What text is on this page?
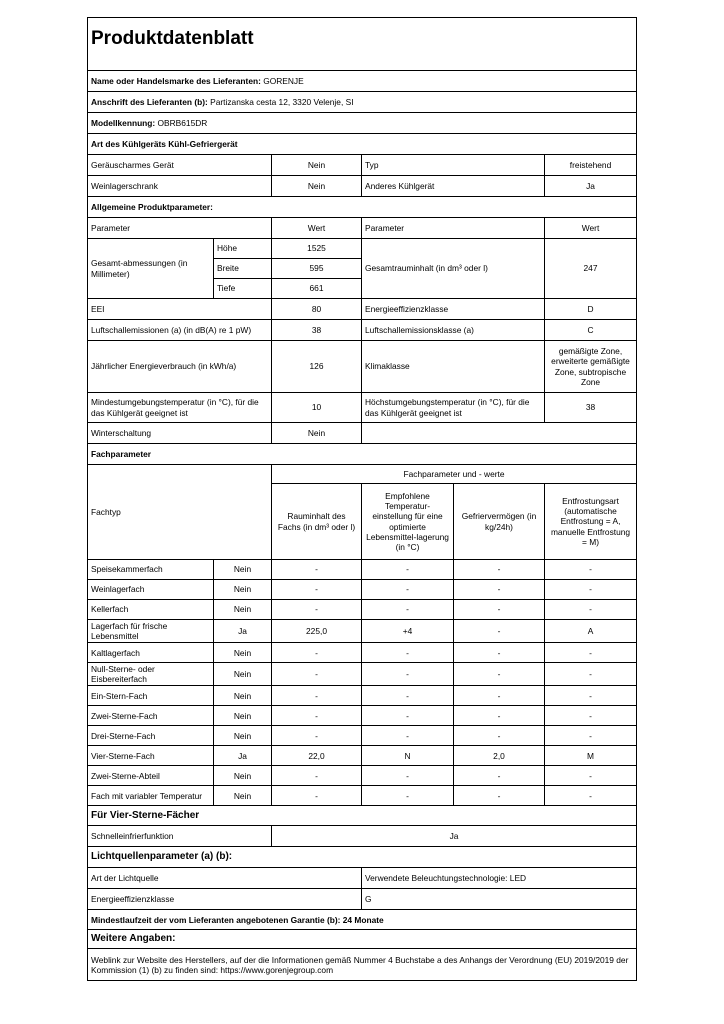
Produktdatenblatt					
Name oder Handelsmarke des Lieferanten: GORENJE					
Anschrift des Lieferanten (b): Partizanska cesta 12, 3320 Velenje, SI					
Modellkennung: OBRB615DR					
Art des Kühlgeräts Kühl-Gefriergerät					
Geräuscharmes Gerät		Nein	Typ		freistehend
Weinlagerschrank		Nein	Anderes Kühlgerät		Ja
Allgemeine Produktparameter:					
Parameter		Wert	Parameter		Wert
Gesamt-abmessungen (in Millimeter)	Höhe	1525	Gesamtrauminhalt (in dm³ oder l)		247
	Breite	595			
	Tiefe	661			
EEI		80	Energieeffizienzklasse		D
Luftschallemissionen (a) (in dB(A) re 1 pW)		38	Luftschallemissionsklasse (a)		C
Jährlicher Energieverbrauch (in kWh/a)		126	Klimaklasse		gemäßigte Zone, erweiterte gemäßigte Zone, subtropische Zone
Mindestumgebungstemperatur (in °C), für die das Kühlgerät geeignet ist		10	Höchstumgebungstemperatur (in °C), für die das Kühlgerät geeignet ist		38
Winterschaltung		Nein			
Fachparameter					
Fachtyp		Fachparameter und - werte			
		Rauminhalt des Fachs (in dm³ oder l)	Empfohlene Temperatur-einstellung für eine optimierte Lebensmittel-lagerung (in °C)	Gefriervermögen (in kg/24h)	Entfrostungsart (automatische Entfrostung = A, manuelle Entfrostung = M)
Speisekammerfach	Nein	-	-	-	-
Weinlagerfach	Nein	-	-	-	-
Kellerfach	Nein	-	-	-	-
Lagerfach für frische Lebensmittel	Ja	225,0	+4	-	A
Kaltlagerfach	Nein	-	-	-	-
Null-Sterne- oder Eisbereiterfach	Nein	-	-	-	-
Ein-Stern-Fach	Nein	-	-	-	-
Zwei-Sterne-Fach	Nein	-	-	-	-
Drei-Sterne-Fach	Nein	-	-	-	-
Vier-Sterne-Fach	Ja	22,0	N	2,0	M
Zwei-Sterne-Abteil	Nein	-	-	-	-
Fach mit variabler Temperatur	Nein	-	-	-	-
Für Vier-Sterne-Fächer					
Schnelleinfrierfunktion		Ja			
Lichtquellenparameter (a) (b):					
Art der Lichtquelle			Verwendete Beleuchtungstechnologie: LED		
Energieeffizienzklasse			G		
Mindestlaufzeit der vom Lieferanten angebotenen Garantie (b): 24 Monate					
Weitere Angaben:					
Weblink zur Website des Herstellers, auf der die Informationen gemäß Nummer 4 Buchstabe a des Anhangs der Verordnung (EU) 2019/2019 der Kommission (1) (b) zu finden sind: https://www.gorenjegroup.com					
